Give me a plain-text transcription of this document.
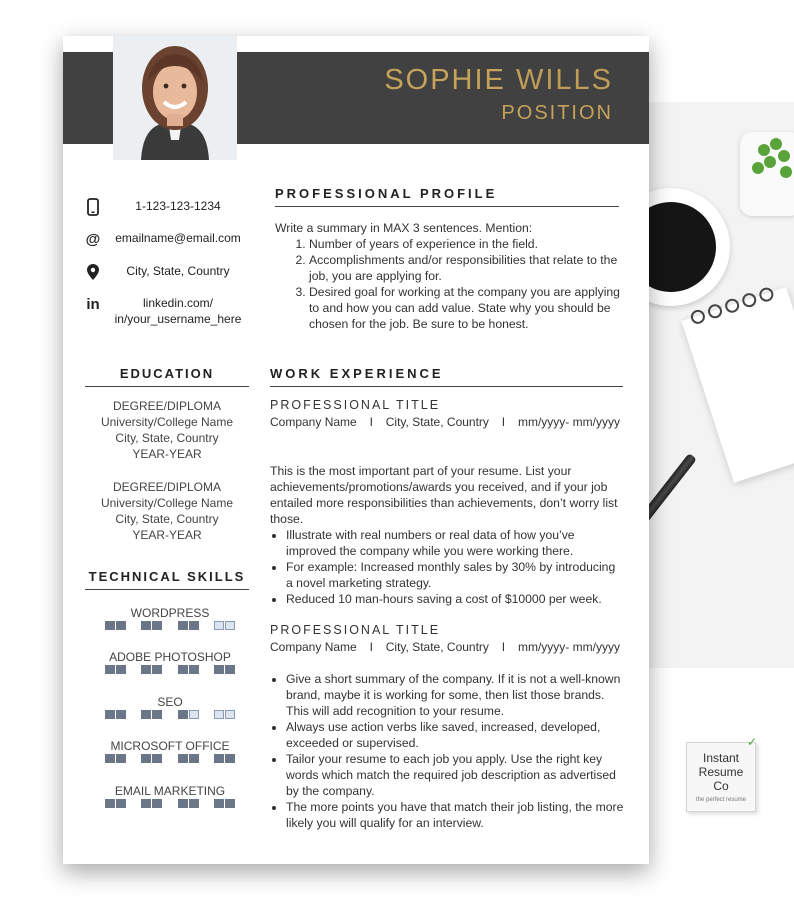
✓
Instant
Resume
Co
the perfect resume
SOPHIE WILLS
POSITION
1-123-123-1234
@	emailname@email.com
City, State, Country
in	linkedin.com/ in/your_username_here
EDUCATION
DEGREE/DIPLOMA
University/College Name
City, State, Country
YEAR-YEAR
DEGREE/DIPLOMA
University/College Name
City, State, Country
YEAR-YEAR
TECHNICAL SKILLS
WORDPRESS
ADOBE PHOTOSHOP
SEO
MICROSOFT OFFICE
EMAIL MARKETING
PROFESSIONAL PROFILE
Write a summary in MAX 3 sentences. Mention:
1. Number of years of experience in the field.
2. Accomplishments and/or responsibilities that relate to the job, you are applying for.
3. Desired goal for working at the company you are applying to and how you can add value. State why you should be chosen for the job. Be sure to be honest.
WORK EXPERIENCE
PROFESSIONAL TITLE
Company Name I City, State, Country I mm/yyyy- mm/yyyy
This is the most important part of your resume. List your achievements/promotions/awards you received, and if your job entailed more responsibilities than achievements, don’t worry list those.
• Illustrate with real numbers or real data of how you’ve improved the company while you were working there.
• For example: Increased monthly sales by 30% by introducing a novel marketing strategy.
• Reduced 10 man-hours saving a cost of $10000 per week.
PROFESSIONAL TITLE
Company Name I City, State, Country I mm/yyyy- mm/yyyy
• Give a short summary of the company. If it is not a well-known brand, maybe it is working for some, then list those brands. This will add recognition to your resume.
• Always use action verbs like saved, increased, developed, exceeded or supervised.
• Tailor your resume to each job you apply. Use the right key words which match the required job description as advertised by the company.
• The more points you have that match their job listing, the more likely you will qualify for an interview.
